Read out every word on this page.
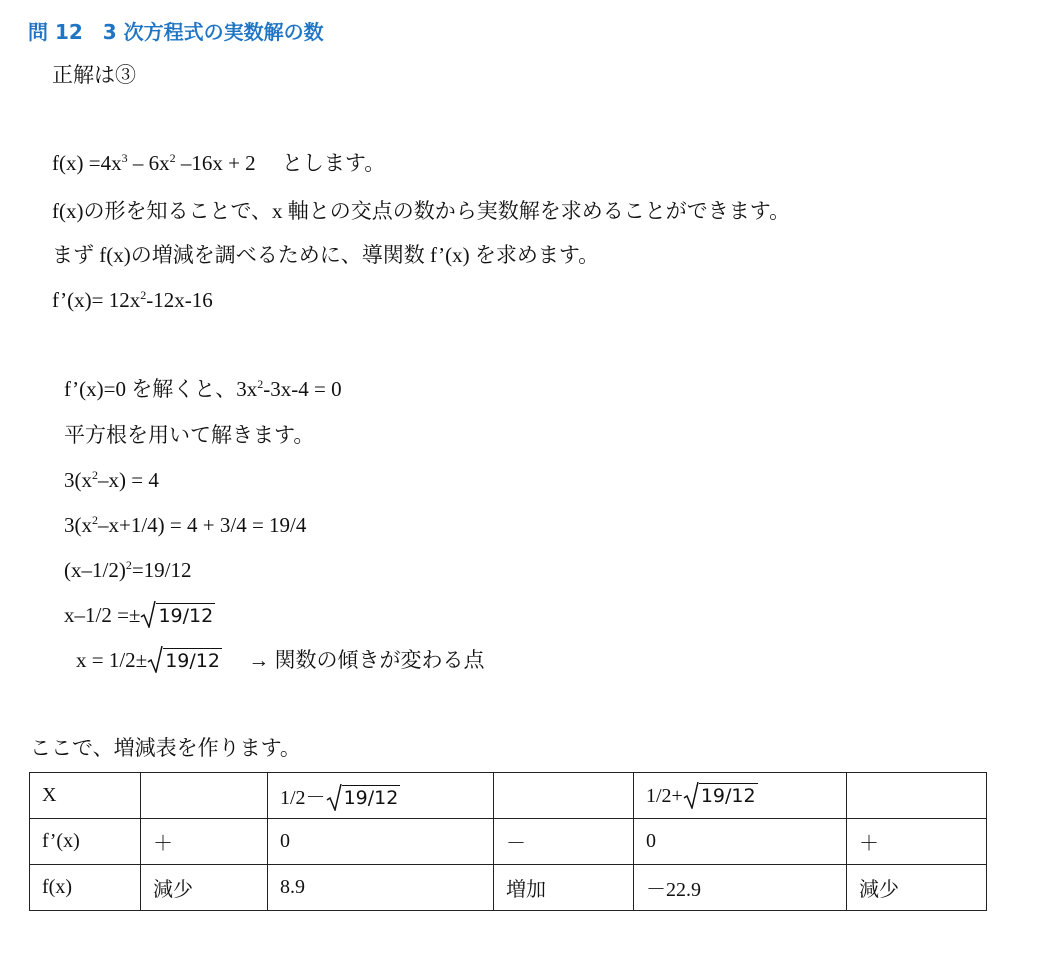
問 12　3 次方程式の実数解の数
正解は③
$f(x) =4x^3 - 6x^2$ –16x + 2　 とします。
f(x)の形を知ることで、x 軸との交点の数から実数解を求めることができます。
まず f(x)の増減を調べるために、導関数 f’(x) を求めます。
f’(x)= $12x^2-12x-16$
f’(x)=0 を解くと、$3x^2-3x-4 = 0$
平方根を用いて解きます。
$3(x^2-x) = 4$
$3(x^2-x+1/4) = 4 + 3/4 = 19/4$
$(x-1/2)^2=19/12$
x–1/2 =± 19/12
x = 1/2± 19/12　 → 関数の傾きが変わる点
ここで、増減表を作ります。
X		1/2－ 19/12		1/2+ 19/12	
f’(x)	＋	0	－	0	＋
f(x)	減少	8.9	増加	－22.9	減少
